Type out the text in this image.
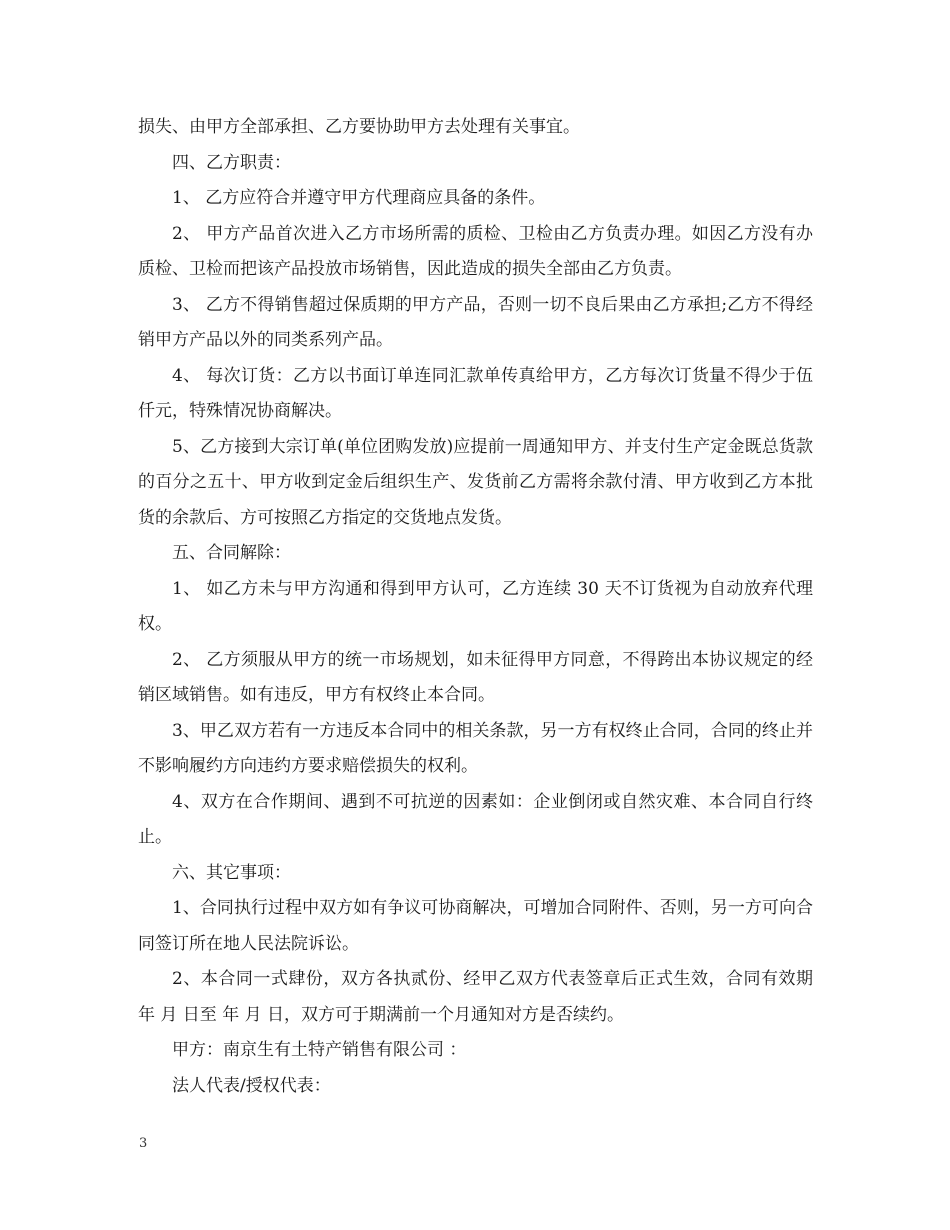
损失、由甲方全部承担、乙方要协助甲方去处理有关事宜。

四、乙方职责：

1、 乙方应符合并遵守甲方代理商应具备的条件。

2、 甲方产品首次进入乙方市场所需的质检、卫检由乙方负责办理。如因乙方没有办质检、卫检而把该产品投放市场销售，因此造成的损失全部由乙方负责。

3、 乙方不得销售超过保质期的甲方产品，否则一切不良后果由乙方承担;乙方不得经销甲方产品以外的同类系列产品。

4、 每次订货：乙方以书面订单连同汇款单传真给甲方，乙方每次订货量不得少于伍仟元，特殊情况协商解决。

5、乙方接到大宗订单(单位团购发放)应提前一周通知甲方、并支付生产定金既总货款的百分之五十、甲方收到定金后组织生产、发货前乙方需将余款付清、甲方收到乙方本批货的余款后、方可按照乙方指定的交货地点发货。

五、合同解除：

1、 如乙方未与甲方沟通和得到甲方认可，乙方连续 30 天不订货视为自动放弃代理权。

2、 乙方须服从甲方的统一市场规划，如未征得甲方同意，不得跨出本协议规定的经销区域销售。如有违反，甲方有权终止本合同。

3、甲乙双方若有一方违反本合同中的相关条款，另一方有权终止合同，合同的终止并不影响履约方向违约方要求赔偿损失的权利。

4、双方在合作期间、遇到不可抗逆的因素如：企业倒闭或自然灾难、本合同自行终止。

六、其它事项：

1、合同执行过程中双方如有争议可协商解决，可增加合同附件、否则，另一方可向合同签订所在地人民法院诉讼。

2、本合同一式肆份，双方各执贰份、经甲乙双方代表签章后正式生效，合同有效期 年 月 日至 年 月 日，双方可于期满前一个月通知对方是否续约。

甲方：南京生有土特产销售有限公司 ：

法人代表/授权代表：

3
